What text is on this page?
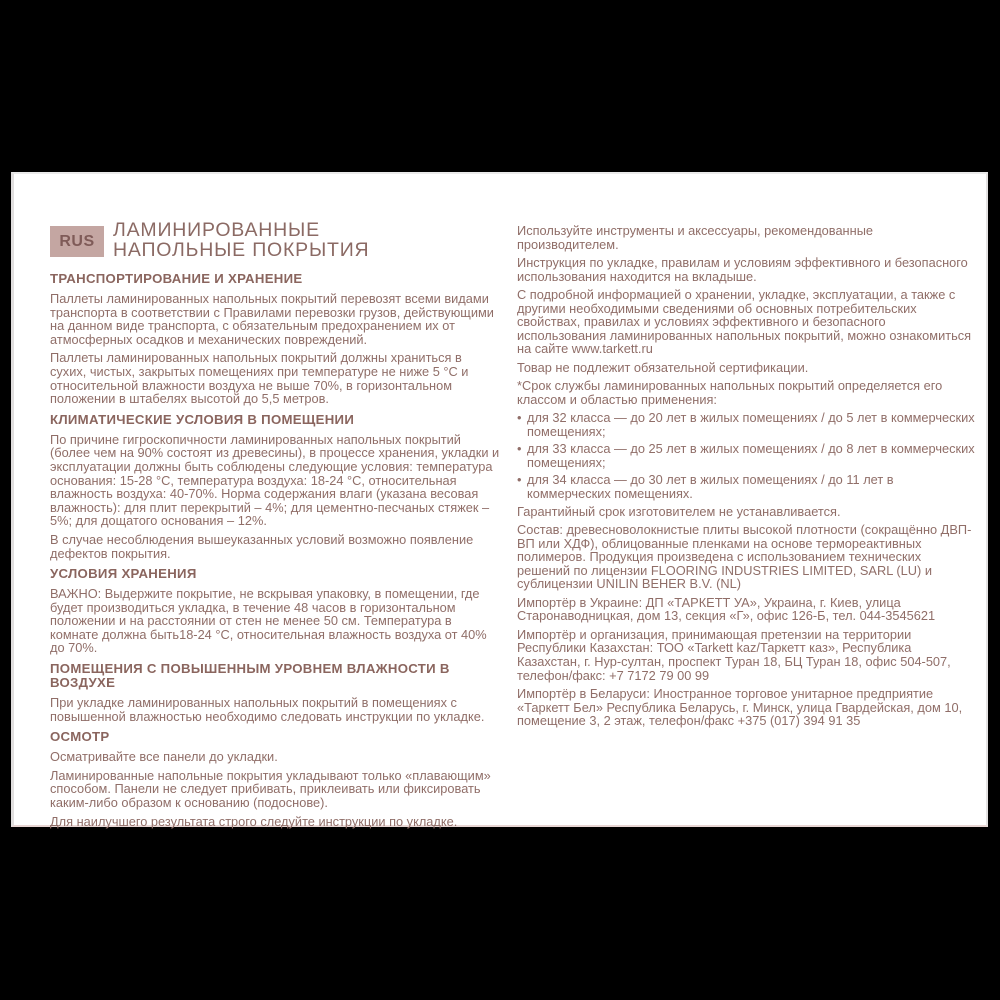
RUS ЛАМИНИРОВАННЫЕ
НАПОЛЬНЫЕ ПОКРЫТИЯ
ТРАНСПОРТИРОВАНИЕ И ХРАНЕНИЕ
Паллеты ламинированных напольных покрытий перевозят всеми видами транспорта в соответствии с Правилами перевозки грузов, действующими на данном виде транспорта, с обязательным предохранением их от атмосферных осадков и механических повреждений.
Паллеты ламинированных напольных покрытий должны храниться в сухих, чистых, закрытых помещениях при температуре не ниже 5 °С и относительной влажности воздуха не выше 70%, в горизонтальном положении в штабелях высотой до 5,5 метров.
КЛИМАТИЧЕСКИЕ УСЛОВИЯ В ПОМЕЩЕНИИ
По причине гигроскопичности ламинированных напольных покрытий (более чем на 90% состоят из древесины), в процессе хранения, укладки и эксплуатации должны быть соблюдены следующие условия: температура основания: 15-28 °С, температура воздуха: 18-24 °С, относительная влажность воздуха: 40-70%. Норма содержания влаги (указана весовая влажность): для плит перекрытий – 4%; для цементно-песчаных стяжек – 5%; для дощатого основания – 12%.
В случае несоблюдения вышеуказанных условий возможно появление дефектов покрытия.
УСЛОВИЯ ХРАНЕНИЯ
ВАЖНО: Выдержите покрытие, не вскрывая упаковку, в помещении, где будет производиться укладка, в течение 48 часов в горизонтальном положении и на расстоянии от стен не менее 50 см. Температура в комнате должна быть18-24 °С, относительная влажность воздуха от 40% до 70%.
ПОМЕЩЕНИЯ С ПОВЫШЕННЫМ УРОВНЕМ ВЛАЖНОСТИ В ВОЗДУХЕ
При укладке ламинированных напольных покрытий в помещениях с повышенной влажностью необходимо следовать инструкции по укладке.
ОСМОТР
Осматривайте все панели до укладки.
Ламинированные напольные покрытия укладывают только «плавающим» способом. Панели не следует прибивать, приклеивать или фиксировать каким-либо образом к основанию (подоснове).
Для наилучшего результата строго следуйте инструкции по укладке.
Используйте инструменты и аксессуары, рекомендованные производителем.
Инструкция по укладке, правилам и условиям эффективного и безопасного использования находится на вкладыше.
С подробной информацией о хранении, укладке, эксплуатации, а также с другими необходимыми сведениями об основных потребительских свойствах, правилах и условиях эффективного и безопасного использования ламинированных напольных покрытий, можно ознакомиться на сайте www.tarkett.ru
Товар не подлежит обязательной сертификации.
*Срок службы ламинированных напольных покрытий определяется его классом и областью применения:
• для 32 класса — до 20 лет в жилых помещениях / до 5 лет в коммерческих помещениях;
• для 33 класса — до 25 лет в жилых помещениях / до 8 лет в коммерческих помещениях;
• для 34 класса — до 30 лет в жилых помещениях / до 11 лет в коммерческих помещениях.
Гарантийный срок изготовителем не устанавливается.
Состав: древесноволокнистые плиты высокой плотности (сокращённо ДВП-ВП или ХДФ), облицованные пленками на основе термореактивных полимеров. Продукция произведена с использованием технических решений по лицензии FLOORING INDUSTRIES LIMITED, SARL (LU) и сублицензии UNILIN BEHER B.V. (NL)
Импортёр в Украине: ДП «ТАРКЕТТ УА», Украина, г. Киев, улица Старонаводницкая, дом 13, секция «Г», офис 126-Б, тел. 044-3545621
Импортёр и организация, принимающая претензии на территории Республики Казахстан: ТОО «Tarkett kaz/Таркетт каз», Республика Казахстан, г. Нур-султан, проспект Туран 18, БЦ Туран 18, офис 504-507, телефон/факс: +7 7172 79 00 99
Импортёр в Беларуси: Иностранное торговое унитарное предприятие «Таркетт Бел» Республика Беларусь, г. Минск, улица Гвардейская, дом 10, помещение 3, 2 этаж, телефон/факс +375 (017) 394 91 35
